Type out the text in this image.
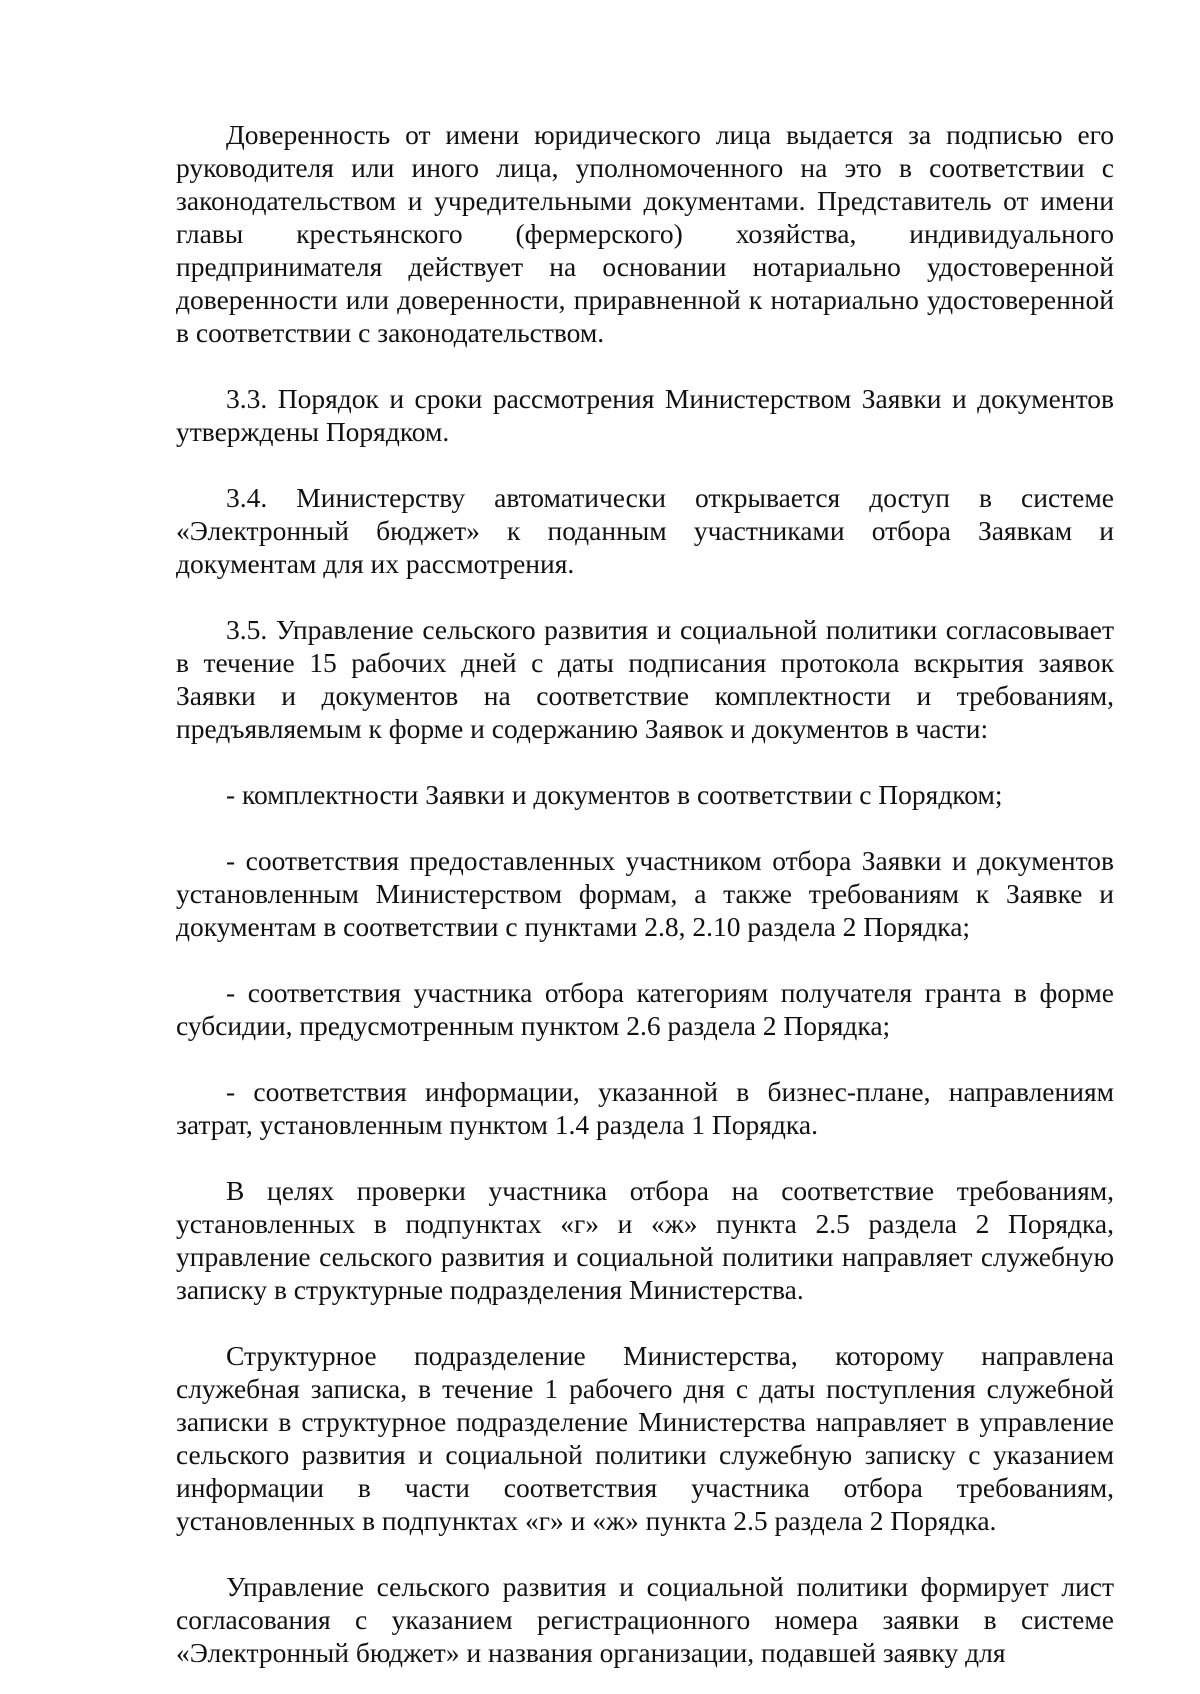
Доверенность от имени юридического лица выдается за подписью его руководителя или иного лица, уполномоченного на это в соответствии с законодательством и учредительными документами. Представитель от имени главы крестьянского (фермерского) хозяйства, индивидуального предпринимателя действует на основании нотариально удостоверенной доверенности или доверенности, приравненной к нотариально удостоверенной в соответствии с законодательством.

3.3. Порядок и сроки рассмотрения Министерством Заявки и документов утверждены Порядком.

3.4. Министерству автоматически открывается доступ в системе «Электронный бюджет» к поданным участниками отбора Заявкам и документам для их рассмотрения.

3.5. Управление сельского развития и социальной политики согласовывает в течение 15 рабочих дней с даты подписания протокола вскрытия заявок Заявки и документов на соответствие комплектности и требованиям, предъявляемым к форме и содержанию Заявок и документов в части:

- комплектности Заявки и документов в соответствии с Порядком;

- соответствия предоставленных участником отбора Заявки и документов установленным Министерством формам, а также требованиям к Заявке и документам в соответствии с пунктами 2.8, 2.10 раздела 2 Порядка;

- соответствия участника отбора категориям получателя гранта в форме субсидии, предусмотренным пунктом 2.6 раздела 2 Порядка;

- соответствия информации, указанной в бизнес-плане, направлениям затрат, установленным пунктом 1.4 раздела 1 Порядка.

В целях проверки участника отбора на соответствие требованиям, установленных в подпунктах «г» и «ж» пункта 2.5 раздела 2 Порядка, управление сельского развития и социальной политики направляет служебную записку в структурные подразделения Министерства.

Структурное подразделение Министерства, которому направлена служебная записка, в течение 1 рабочего дня с даты поступления служебной записки в структурное подразделение Министерства направляет в управление сельского развития и социальной политики служебную записку с указанием информации в части соответствия участника отбора требованиям, установленных в подпунктах «г» и «ж» пункта 2.5 раздела 2 Порядка.

Управление сельского развития и социальной политики формирует лист согласования с указанием регистрационного номера заявки в системе «Электронный бюджет» и названия организации, подавшей заявку для
